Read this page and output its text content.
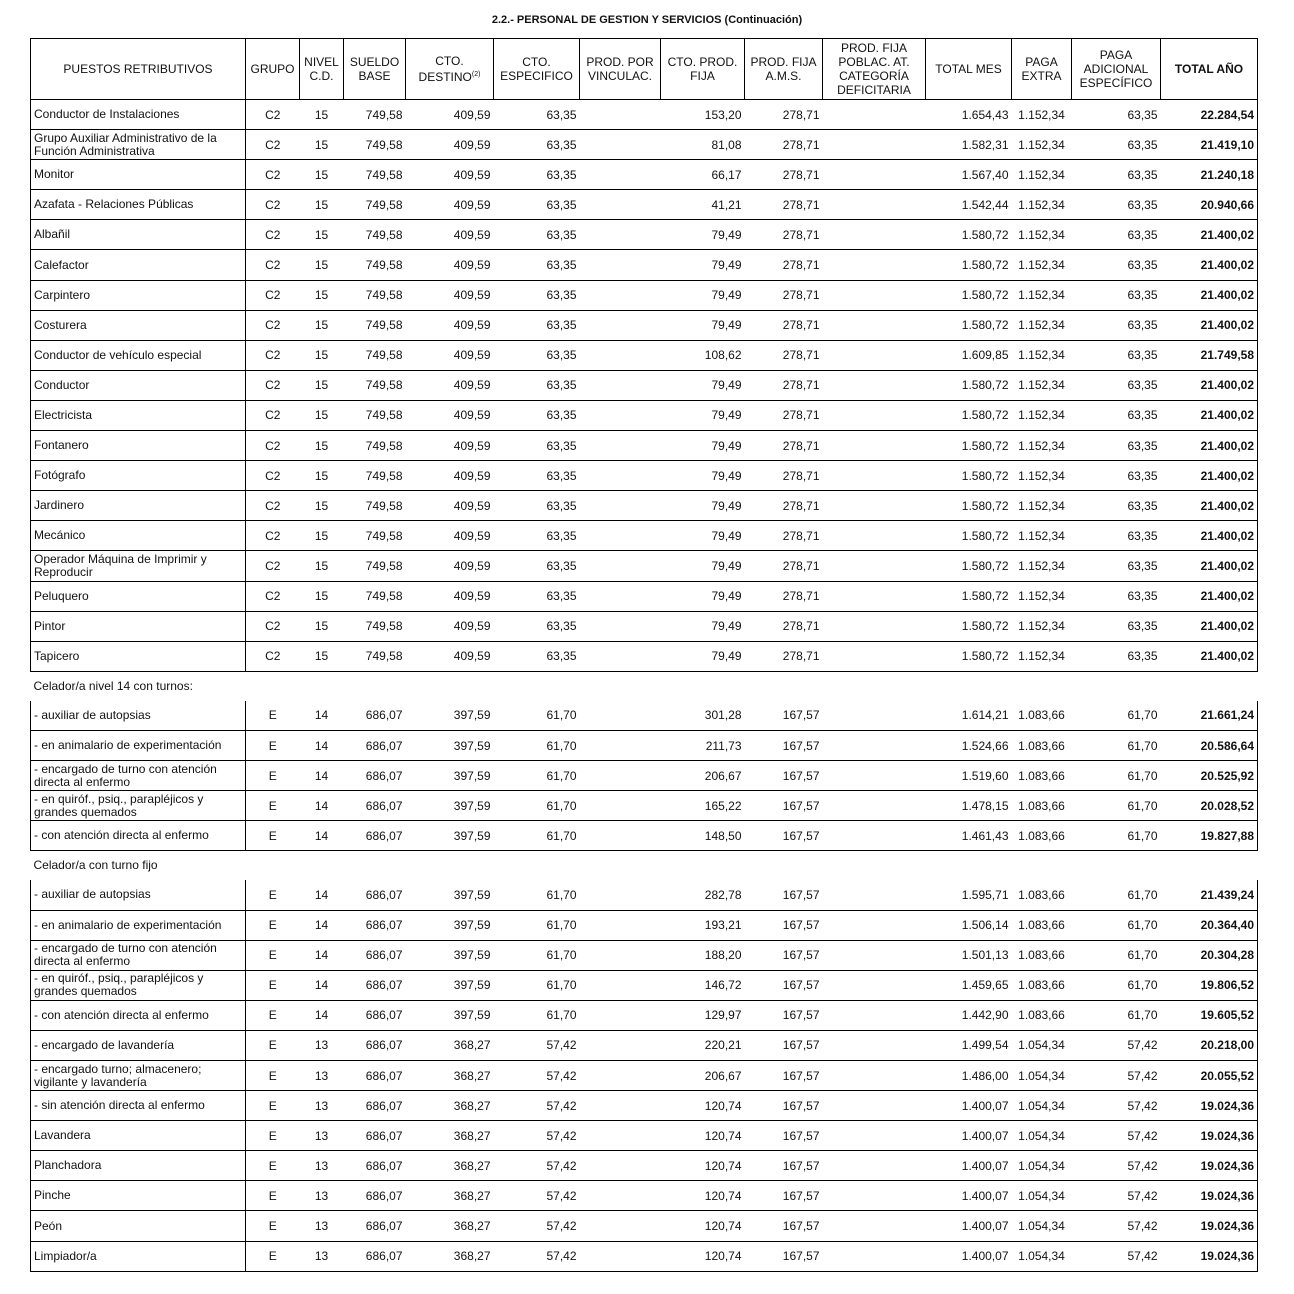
2.2.- PERSONAL DE GESTION Y SERVICIOS (Continuación)
PUESTOS RETRIBUTIVOS	GRUPO	NIVEL C.D.	SUELDO BASE	CTO. DESTINO$^{(2)}$	CTO. ESPECIFICO	PROD. POR VINCULAC.	CTO. PROD. FIJA	PROD. FIJA A.M.S.	PROD. FIJA POBLAC. AT. CATEGORÍA DEFICITARIA	TOTAL MES	PAGA EXTRA	PAGA ADICIONAL ESPECÍFICO	TOTAL AÑO
Conductor de Instalaciones	C2	15	749,58	409,59	63,35		153,20	278,71		1.654,43	1.152,34	63,35	22.284,54
Grupo Auxiliar Administrativo de la Función Administrativa	C2	15	749,58	409,59	63,35		81,08	278,71		1.582,31	1.152,34	63,35	21.419,10
Monitor	C2	15	749,58	409,59	63,35		66,17	278,71		1.567,40	1.152,34	63,35	21.240,18
Azafata - Relaciones Públicas	C2	15	749,58	409,59	63,35		41,21	278,71		1.542,44	1.152,34	63,35	20.940,66
Albañil	C2	15	749,58	409,59	63,35		79,49	278,71		1.580,72	1.152,34	63,35	21.400,02
Calefactor	C2	15	749,58	409,59	63,35		79,49	278,71		1.580,72	1.152,34	63,35	21.400,02
Carpintero	C2	15	749,58	409,59	63,35		79,49	278,71		1.580,72	1.152,34	63,35	21.400,02
Costurera	C2	15	749,58	409,59	63,35		79,49	278,71		1.580,72	1.152,34	63,35	21.400,02
Conductor de vehículo especial	C2	15	749,58	409,59	63,35		108,62	278,71		1.609,85	1.152,34	63,35	21.749,58
Conductor	C2	15	749,58	409,59	63,35		79,49	278,71		1.580,72	1.152,34	63,35	21.400,02
Electricista	C2	15	749,58	409,59	63,35		79,49	278,71		1.580,72	1.152,34	63,35	21.400,02
Fontanero	C2	15	749,58	409,59	63,35		79,49	278,71		1.580,72	1.152,34	63,35	21.400,02
Fotógrafo	C2	15	749,58	409,59	63,35		79,49	278,71		1.580,72	1.152,34	63,35	21.400,02
Jardinero	C2	15	749,58	409,59	63,35		79,49	278,71		1.580,72	1.152,34	63,35	21.400,02
Mecánico	C2	15	749,58	409,59	63,35		79,49	278,71		1.580,72	1.152,34	63,35	21.400,02
Operador Máquina de Imprimir y Reproducir	C2	15	749,58	409,59	63,35		79,49	278,71		1.580,72	1.152,34	63,35	21.400,02
Peluquero	C2	15	749,58	409,59	63,35		79,49	278,71		1.580,72	1.152,34	63,35	21.400,02
Pintor	C2	15	749,58	409,59	63,35		79,49	278,71		1.580,72	1.152,34	63,35	21.400,02
Tapicero	C2	15	749,58	409,59	63,35		79,49	278,71		1.580,72	1.152,34	63,35	21.400,02
Celador/a nivel 14 con turnos:													
- auxiliar de autopsias	E	14	686,07	397,59	61,70		301,28	167,57		1.614,21	1.083,66	61,70	21.661,24
- en animalario de experimentación	E	14	686,07	397,59	61,70		211,73	167,57		1.524,66	1.083,66	61,70	20.586,64
- encargado de turno con atención directa al enfermo	E	14	686,07	397,59	61,70		206,67	167,57		1.519,60	1.083,66	61,70	20.525,92
- en quiróf., psiq., parapléjicos y grandes quemados	E	14	686,07	397,59	61,70		165,22	167,57		1.478,15	1.083,66	61,70	20.028,52
- con atención directa al enfermo	E	14	686,07	397,59	61,70		148,50	167,57		1.461,43	1.083,66	61,70	19.827,88
Celador/a con turno fijo													
- auxiliar de autopsias	E	14	686,07	397,59	61,70		282,78	167,57		1.595,71	1.083,66	61,70	21.439,24
- en animalario de experimentación	E	14	686,07	397,59	61,70		193,21	167,57		1.506,14	1.083,66	61,70	20.364,40
- encargado de turno con atención directa al enfermo	E	14	686,07	397,59	61,70		188,20	167,57		1.501,13	1.083,66	61,70	20.304,28
- en quiróf., psiq., parapléjicos y grandes quemados	E	14	686,07	397,59	61,70		146,72	167,57		1.459,65	1.083,66	61,70	19.806,52
- con atención directa al enfermo	E	14	686,07	397,59	61,70		129,97	167,57		1.442,90	1.083,66	61,70	19.605,52
- encargado de lavandería	E	13	686,07	368,27	57,42		220,21	167,57		1.499,54	1.054,34	57,42	20.218,00
- encargado turno; almacenero; vigilante y lavandería	E	13	686,07	368,27	57,42		206,67	167,57		1.486,00	1.054,34	57,42	20.055,52
- sin atención directa al enfermo	E	13	686,07	368,27	57,42		120,74	167,57		1.400,07	1.054,34	57,42	19.024,36
Lavandera	E	13	686,07	368,27	57,42		120,74	167,57		1.400,07	1.054,34	57,42	19.024,36
Planchadora	E	13	686,07	368,27	57,42		120,74	167,57		1.400,07	1.054,34	57,42	19.024,36
Pinche	E	13	686,07	368,27	57,42		120,74	167,57		1.400,07	1.054,34	57,42	19.024,36
Peón	E	13	686,07	368,27	57,42		120,74	167,57		1.400,07	1.054,34	57,42	19.024,36
Limpiador/a	E	13	686,07	368,27	57,42		120,74	167,57		1.400,07	1.054,34	57,42	19.024,36
